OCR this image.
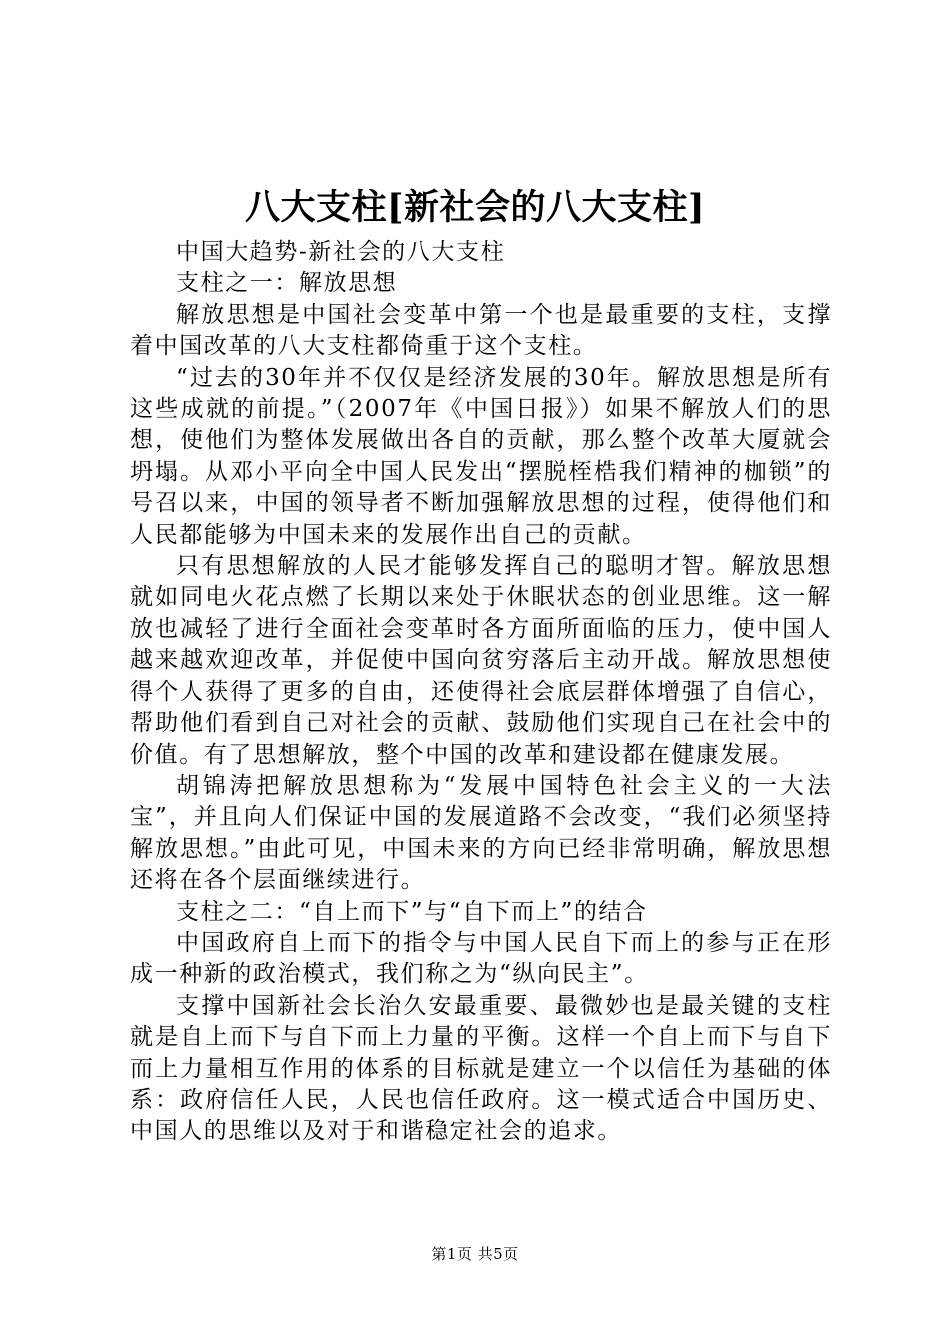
八大支柱[新社会的八大支柱]

中国大趋势-新社会的八大支柱

支柱之一：解放思想

解放思想是中国社会变革中第一个也是最重要的支柱，支撑着中国改革的八大支柱都倚重于这个支柱。

“过去的30年并不仅仅是经济发展的30年。解放思想是所有这些成就的前提。”（2007年《中国日报》）如果不解放人们的思想，使他们为整体发展做出各自的贡献，那么整个改革大厦就会坍塌。从邓小平向全中国人民发出“摆脱桎梏我们精神的枷锁”的号召以来，中国的领导者不断加强解放思想的过程，使得他们和人民都能够为中国未来的发展作出自己的贡献。

只有思想解放的人民才能够发挥自己的聪明才智。解放思想就如同电火花点燃了长期以来处于休眠状态的创业思维。这一解放也减轻了进行全面社会变革时各方面所面临的压力，使中国人越来越欢迎改革，并促使中国向贫穷落后主动开战。解放思想使得个人获得了更多的自由，还使得社会底层群体增强了自信心，帮助他们看到自己对社会的贡献、鼓励他们实现自己在社会中的价值。有了思想解放，整个中国的改革和建设都在健康发展。

胡锦涛把解放思想称为“发展中国特色社会主义的一大法宝”，并且向人们保证中国的发展道路不会改变，“我们必须坚持解放思想。”由此可见，中国未来的方向已经非常明确，解放思想还将在各个层面继续进行。

支柱之二：“自上而下”与“自下而上”的结合

中国政府自上而下的指令与中国人民自下而上的参与正在形成一种新的政治模式，我们称之为“纵向民主”。

支撑中国新社会长治久安最重要、最微妙也是最关键的支柱就是自上而下与自下而上力量的平衡。这样一个自上而下与自下而上力量相互作用的体系的目标就是建立一个以信任为基础的体系：政府信任人民，人民也信任政府。这一模式适合中国历史、中国人的思维以及对于和谐稳定社会的追求。

第1页 共5页
